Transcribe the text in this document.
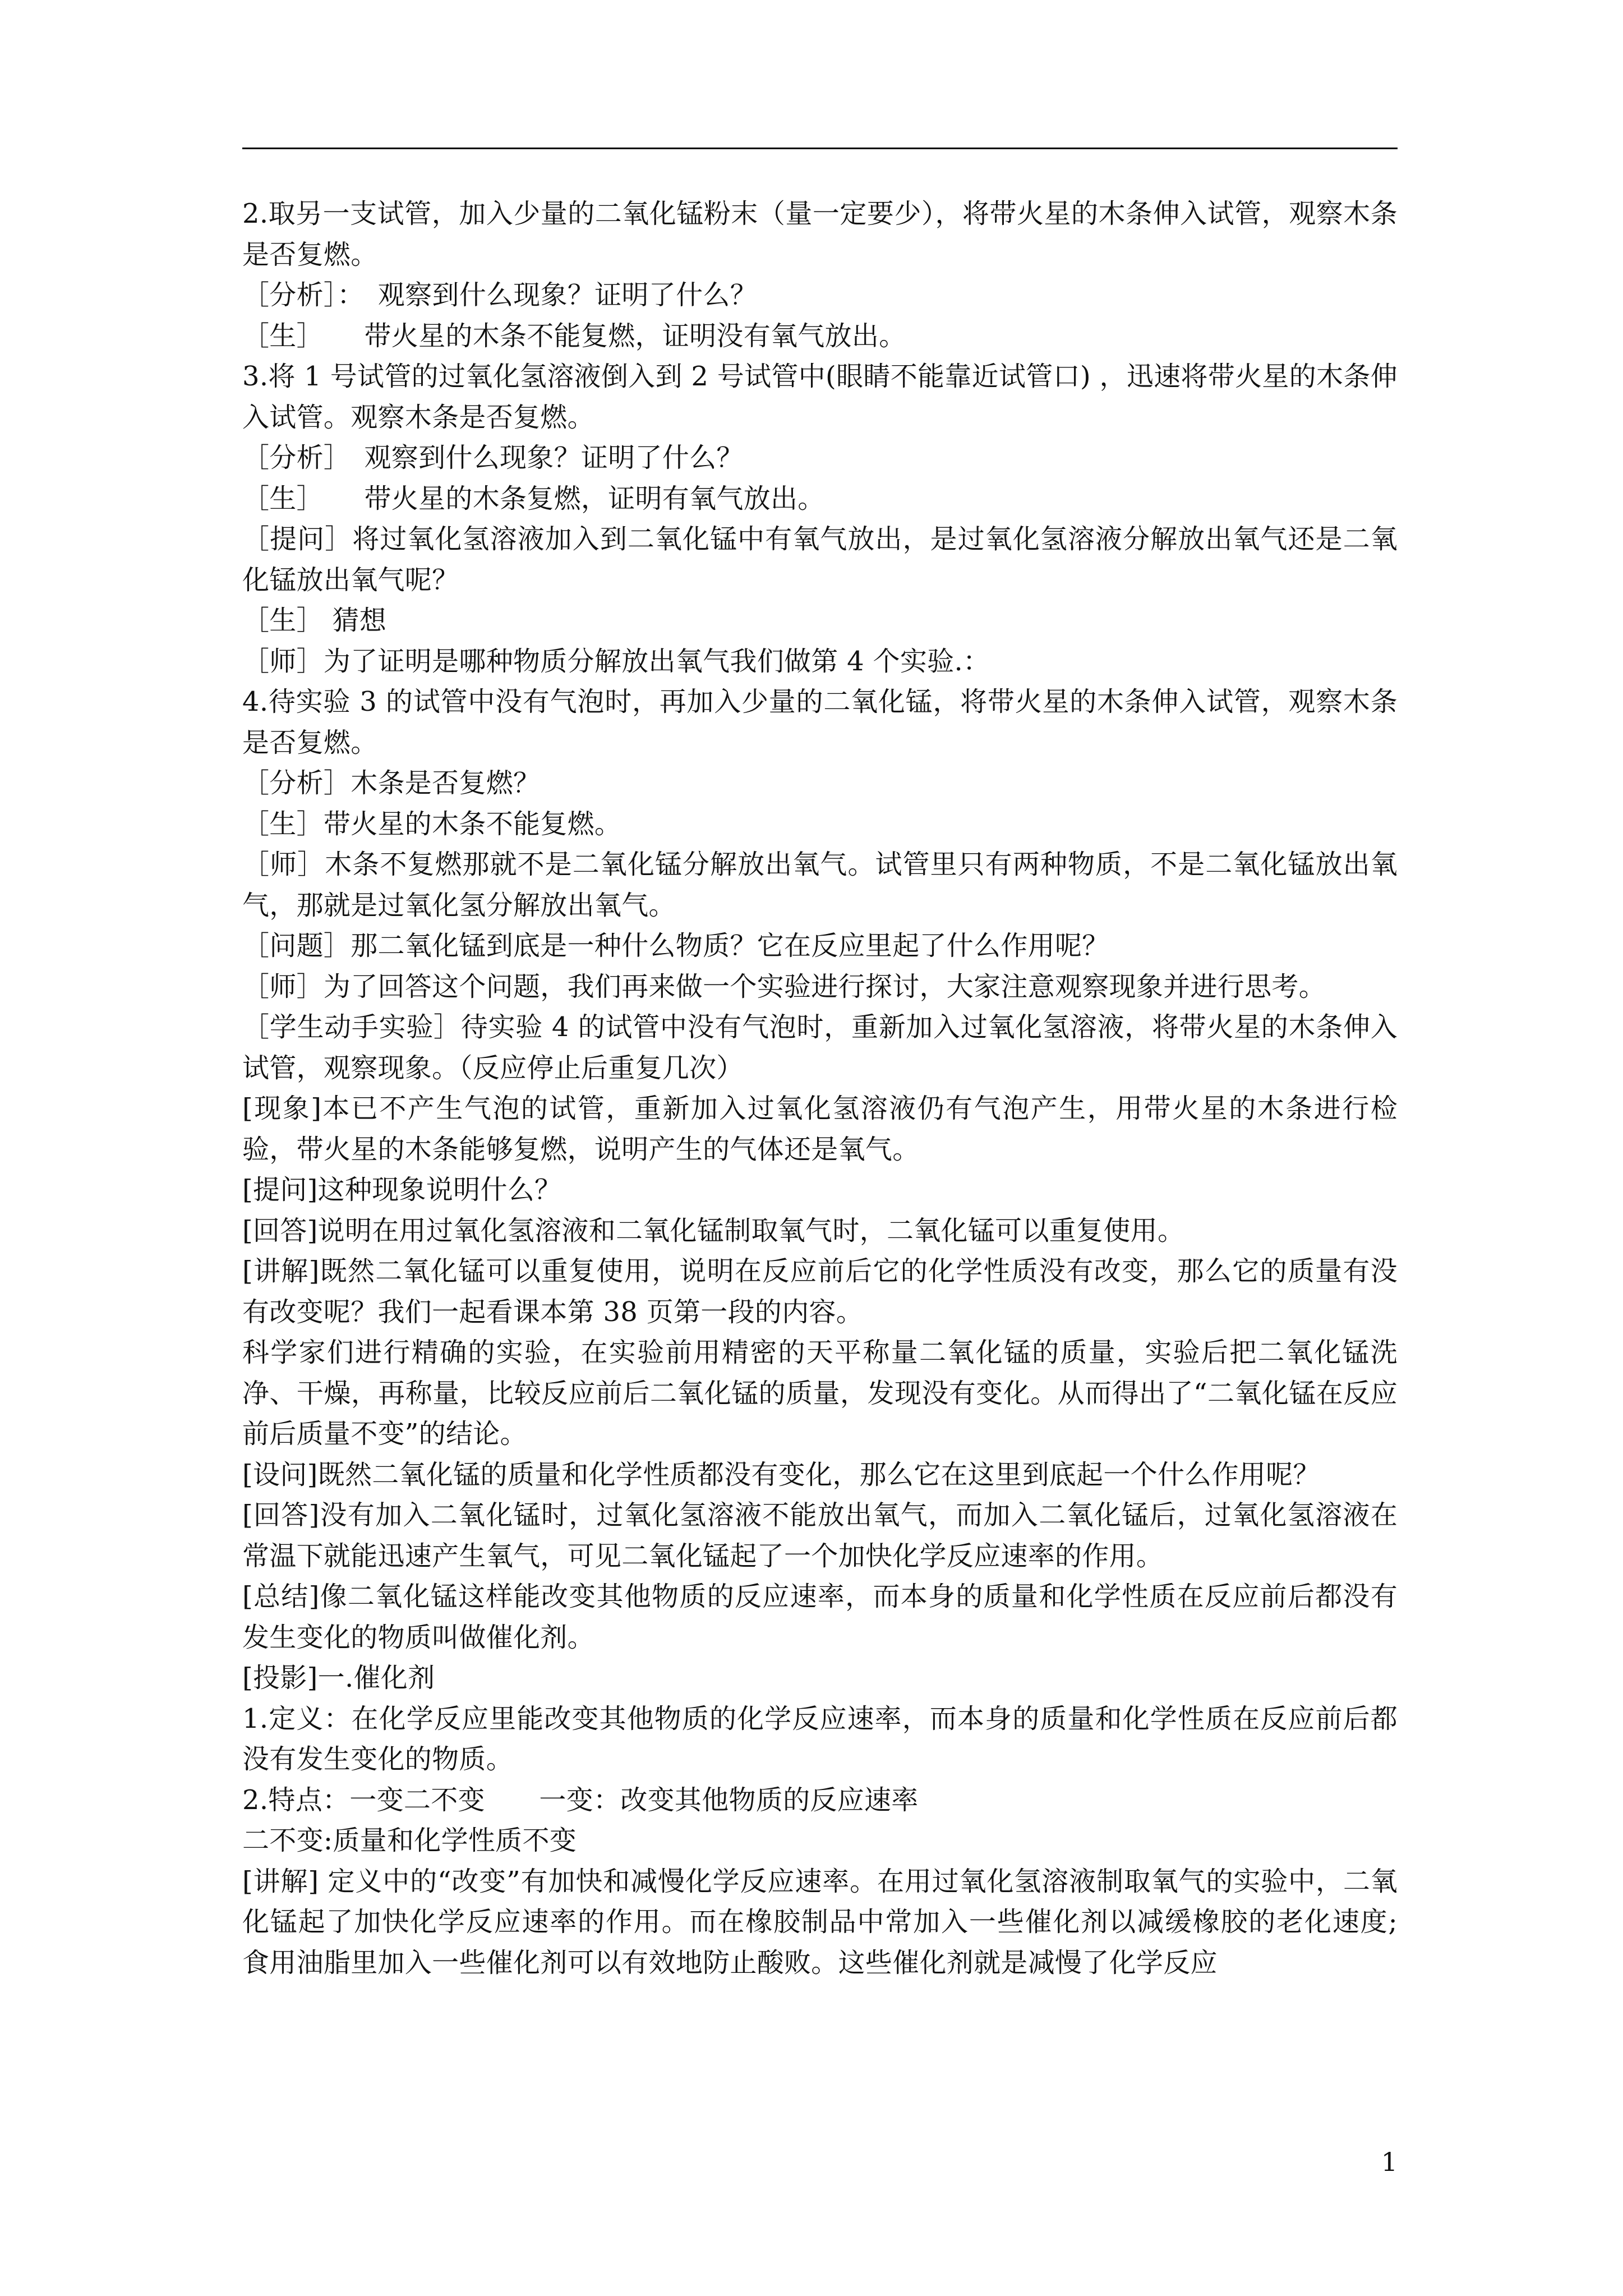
2.取另一支试管，加入少量的二氧化锰粉末（量一定要少），将带火星的木条伸入试管，观察木条是否复燃。

［分析］：　观察到什么现象？证明了什么？

［生］　　带火星的木条不能复燃，证明没有氧气放出。

3.将 1 号试管的过氧化氢溶液倒入到 2 号试管中(眼睛不能靠近试管口) ，迅速将带火星的木条伸入试管。观察木条是否复燃。

［分析］　观察到什么现象？证明了什么？

［生］　　带火星的木条复燃，证明有氧气放出。

［提问］将过氧化氢溶液加入到二氧化锰中有氧气放出，是过氧化氢溶液分解放出氧气还是二氧化锰放出氧气呢？

［生］ 猜想

［师］为了证明是哪种物质分解放出氧气我们做第 4 个实验.：

4.待实验 3 的试管中没有气泡时，再加入少量的二氧化锰，将带火星的木条伸入试管，观察木条是否复燃。

［分析］木条是否复燃？

［生］带火星的木条不能复燃。

［师］木条不复燃那就不是二氧化锰分解放出氧气。试管里只有两种物质，不是二氧化锰放出氧气，那就是过氧化氢分解放出氧气。

［问题］那二氧化锰到底是一种什么物质？它在反应里起了什么作用呢？

［师］为了回答这个问题，我们再来做一个实验进行探讨，大家注意观察现象并进行思考。

［学生动手实验］待实验 4 的试管中没有气泡时，重新加入过氧化氢溶液，将带火星的木条伸入试管，观察现象。（反应停止后重复几次）

[现象]本已不产生气泡的试管，重新加入过氧化氢溶液仍有气泡产生，用带火星的木条进行检验，带火星的木条能够复燃，说明产生的气体还是氧气。

[提问]这种现象说明什么？

[回答]说明在用过氧化氢溶液和二氧化锰制取氧气时，二氧化锰可以重复使用。

[讲解]既然二氧化锰可以重复使用，说明在反应前后它的化学性质没有改变，那么它的质量有没有改变呢？我们一起看课本第 38 页第一段的内容。

科学家们进行精确的实验，在实验前用精密的天平称量二氧化锰的质量，实验后把二氧化锰洗净、干燥，再称量，比较反应前后二氧化锰的质量，发现没有变化。从而得出了“二氧化锰在反应前后质量不变”的结论。

[设问]既然二氧化锰的质量和化学性质都没有变化，那么它在这里到底起一个什么作用呢？

[回答]没有加入二氧化锰时，过氧化氢溶液不能放出氧气，而加入二氧化锰后，过氧化氢溶液在常温下就能迅速产生氧气，可见二氧化锰起了一个加快化学反应速率的作用。

[总结]像二氧化锰这样能改变其他物质的反应速率，而本身的质量和化学性质在反应前后都没有发生变化的物质叫做催化剂。

[投影]一.催化剂

1.定义：在化学反应里能改变其他物质的化学反应速率，而本身的质量和化学性质在反应前后都没有发生变化的物质。

2.特点：一变二不变　　一变：改变其他物质的反应速率

二不变:质量和化学性质不变

[讲解] 定义中的“改变”有加快和减慢化学反应速率。在用过氧化氢溶液制取氧气的实验中，二氧化锰起了加快化学反应速率的作用。而在橡胶制品中常加入一些催化剂以减缓橡胶的老化速度; 食用油脂里加入一些催化剂可以有效地防止酸败。这些催化剂就是减慢了化学反应

1
